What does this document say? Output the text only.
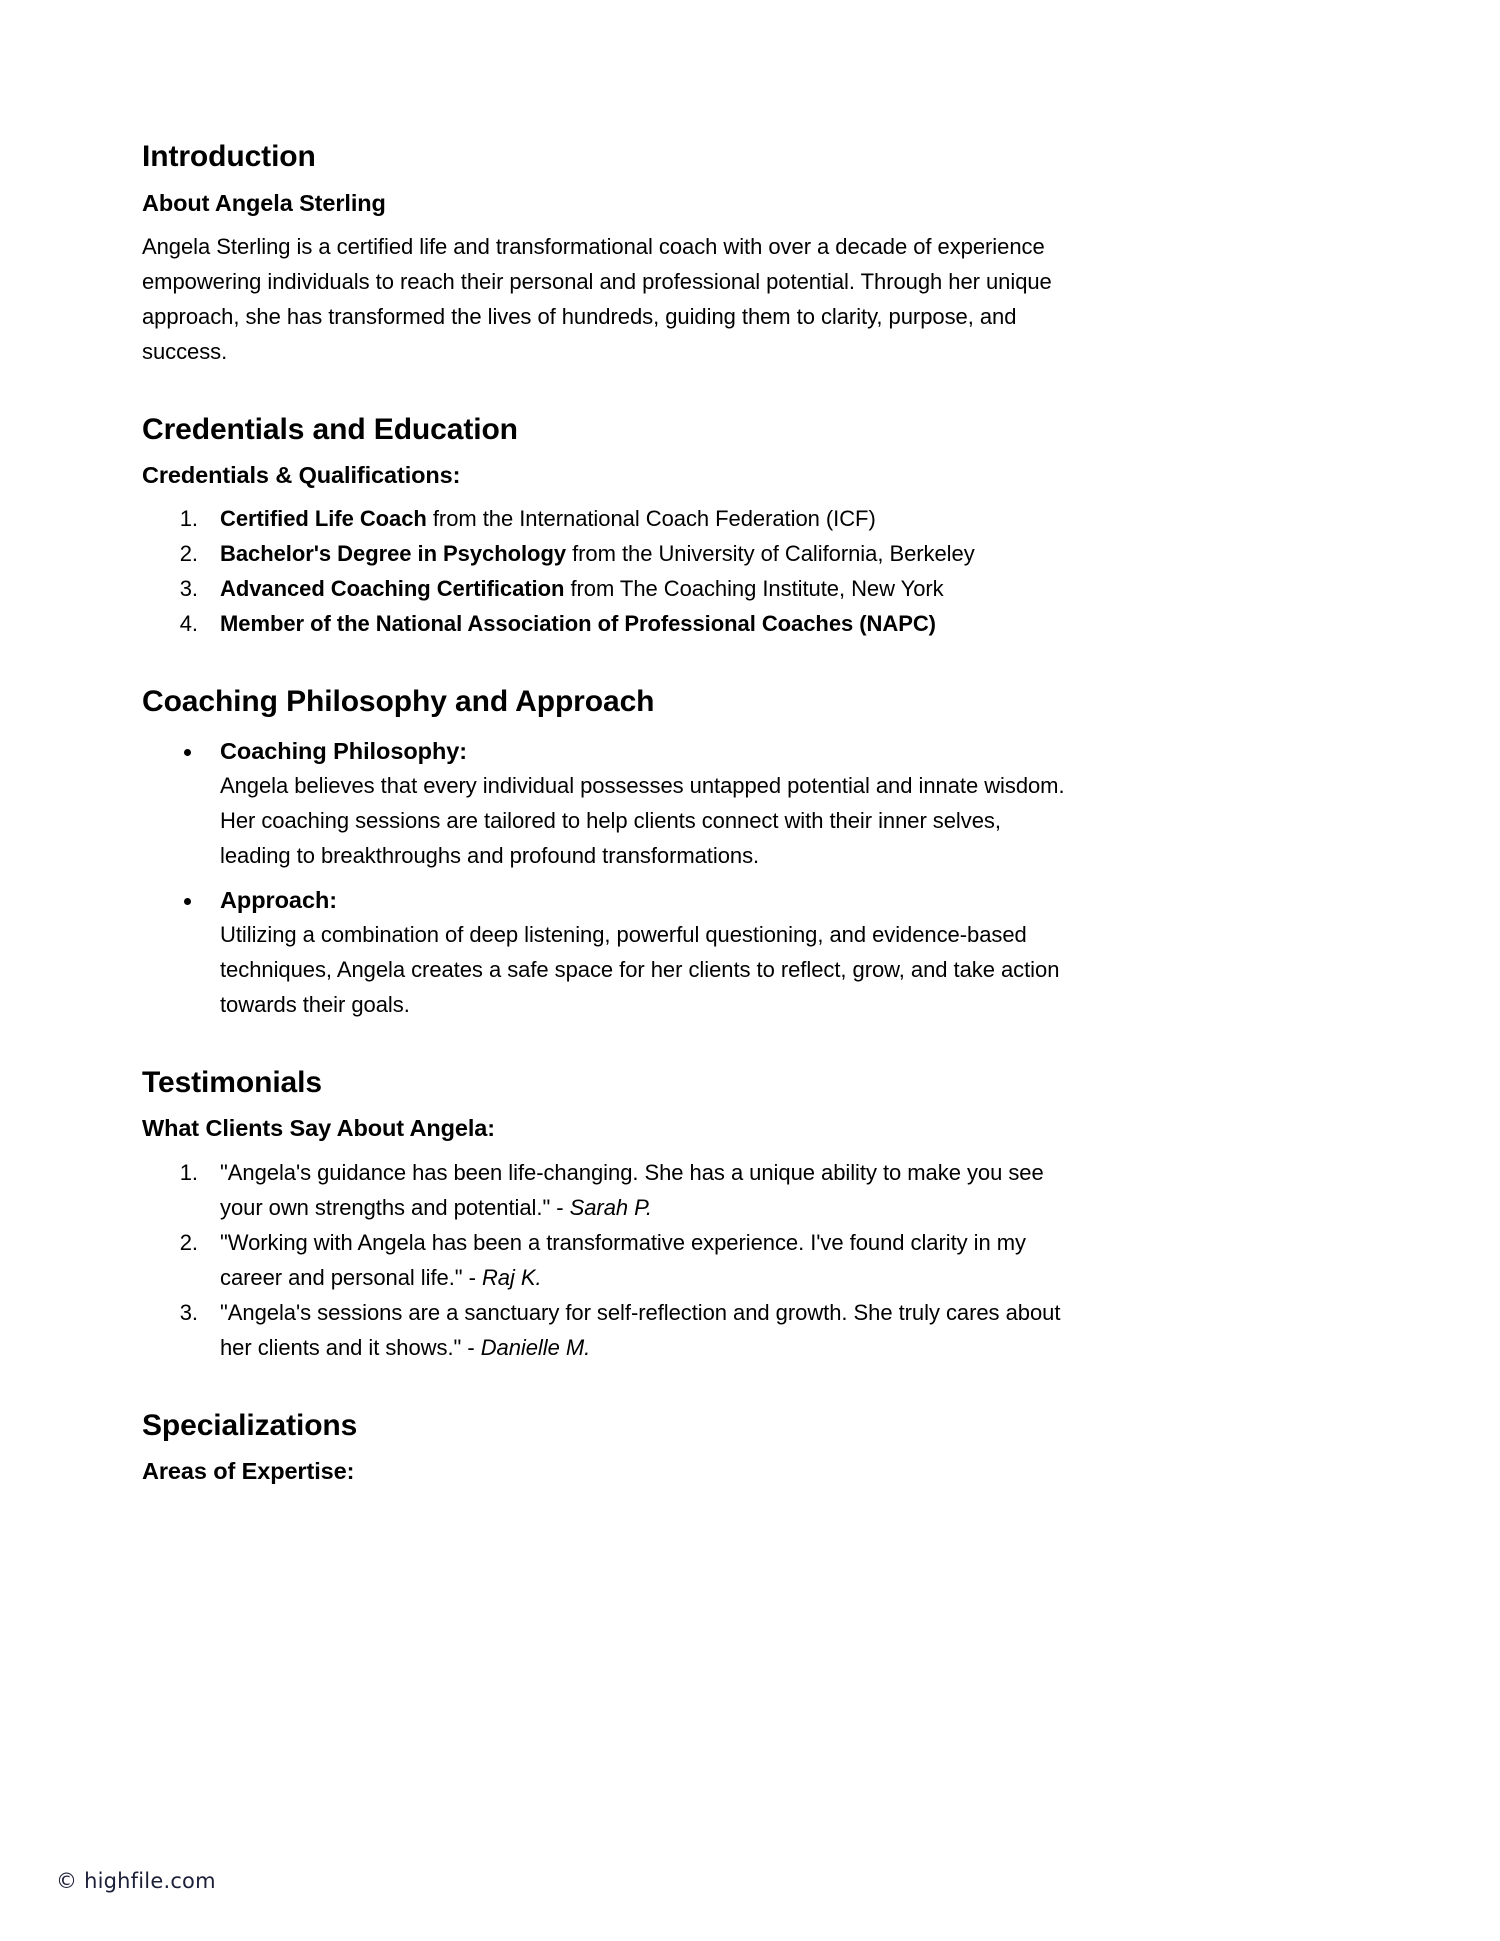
Introduction
About Angela Sterling

Angela Sterling is a certified life and transformational coach with over a decade of experience empowering individuals to reach their personal and professional potential. Through her unique approach, she has transformed the lives of hundreds, guiding them to clarity, purpose, and success.

Credentials and Education
Credentials & Qualifications:
1. Certified Life Coach from the International Coach Federation (ICF)
2. Bachelor's Degree in Psychology from the University of California, Berkeley
3. Advanced Coaching Certification from The Coaching Institute, New York
4. Member of the National Association of Professional Coaches (NAPC)
Coaching Philosophy and Approach
• Coaching Philosophy:
Angela believes that every individual possesses untapped potential and innate wisdom. Her coaching sessions are tailored to help clients connect with their inner selves, leading to breakthroughs and profound transformations.
• Approach:
Utilizing a combination of deep listening, powerful questioning, and evidence-based techniques, Angela creates a safe space for her clients to reflect, grow, and take action towards their goals.
Testimonials
What Clients Say About Angela:
1. "Angela's guidance has been life-changing. She has a unique ability to make you see your own strengths and potential." - Sarah P.
2. "Working with Angela has been a transformative experience. I've found clarity in my career and personal life." - Raj K.
3. "Angela's sessions are a sanctuary for self-reflection and growth. She truly cares about her clients and it shows." - Danielle M.
Specializations
Areas of Expertise:
© highfile.com
